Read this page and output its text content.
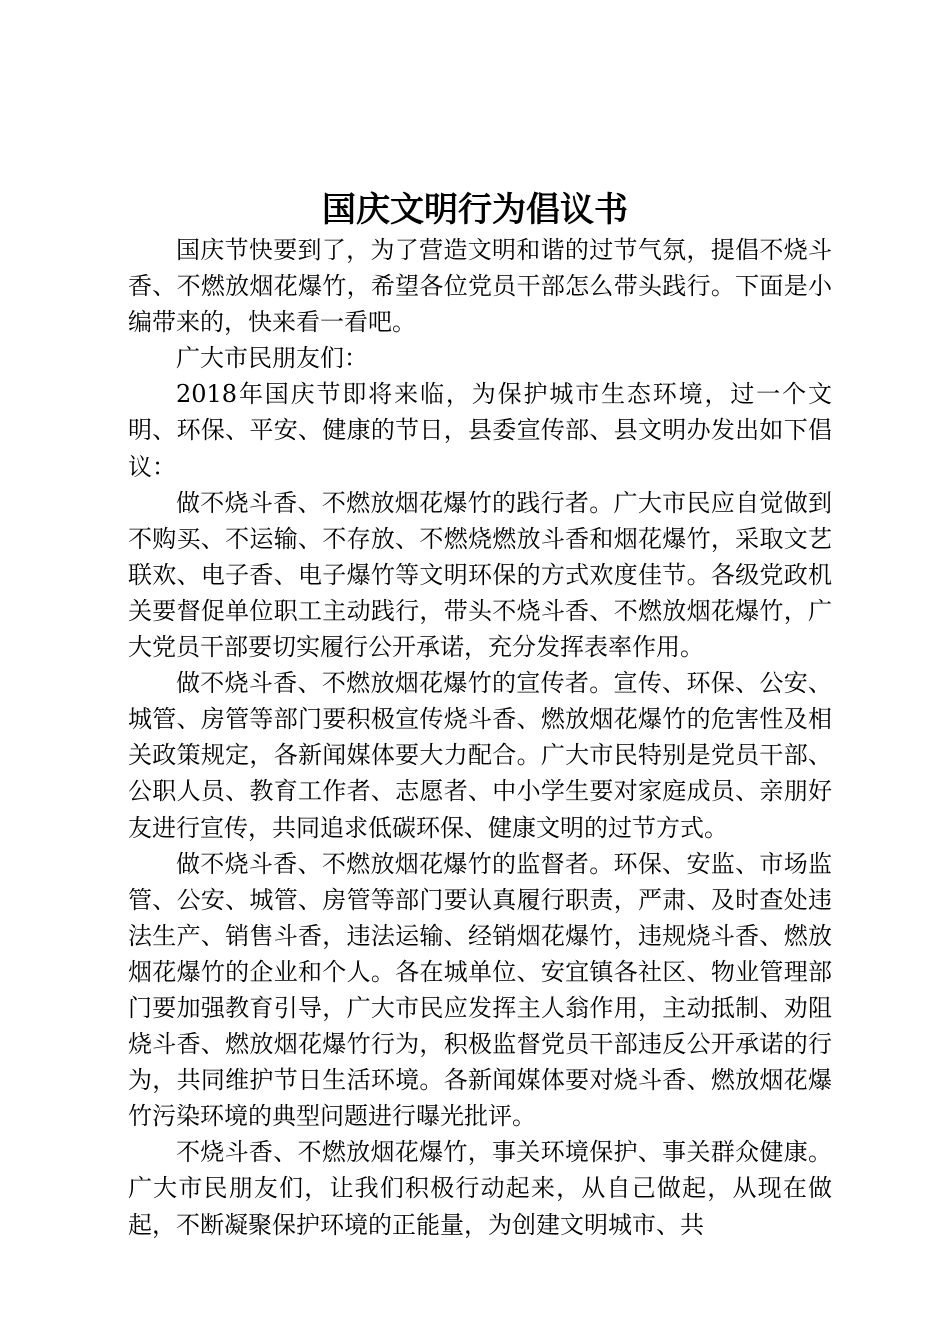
国庆文明行为倡议书

国庆节快要到了，为了营造文明和谐的过节气氛，提倡不烧斗香、不燃放烟花爆竹，希望各位党员干部怎么带头践行。下面是小编带来的，快来看一看吧。

广大市民朋友们：

2018年国庆节即将来临，为保护城市生态环境，过一个文明、环保、平安、健康的节日，县委宣传部、县文明办发出如下倡议：

做不烧斗香、不燃放烟花爆竹的践行者。广大市民应自觉做到不购买、不运输、不存放、不燃烧燃放斗香和烟花爆竹，采取文艺联欢、电子香、电子爆竹等文明环保的方式欢度佳节。各级党政机关要督促单位职工主动践行，带头不烧斗香、不燃放烟花爆竹，广大党员干部要切实履行公开承诺，充分发挥表率作用。

做不烧斗香、不燃放烟花爆竹的宣传者。宣传、环保、公安、城管、房管等部门要积极宣传烧斗香、燃放烟花爆竹的危害性及相关政策规定，各新闻媒体要大力配合。广大市民特别是党员干部、公职人员、教育工作者、志愿者、中小学生要对家庭成员、亲朋好友进行宣传，共同追求低碳环保、健康文明的过节方式。

做不烧斗香、不燃放烟花爆竹的监督者。环保、安监、市场监管、公安、城管、房管等部门要认真履行职责，严肃、及时查处违法生产、销售斗香，违法运输、经销烟花爆竹，违规烧斗香、燃放烟花爆竹的企业和个人。各在城单位、安宜镇各社区、物业管理部门要加强教育引导，广大市民应发挥主人翁作用，主动抵制、劝阻烧斗香、燃放烟花爆竹行为，积极监督党员干部违反公开承诺的行为，共同维护节日生活环境。各新闻媒体要对烧斗香、燃放烟花爆竹污染环境的典型问题进行曝光批评。

不烧斗香、不燃放烟花爆竹，事关环境保护、事关群众健康。广大市民朋友们，让我们积极行动起来，从自己做起，从现在做起，不断凝聚保护环境的正能量，为创建文明城市、共
